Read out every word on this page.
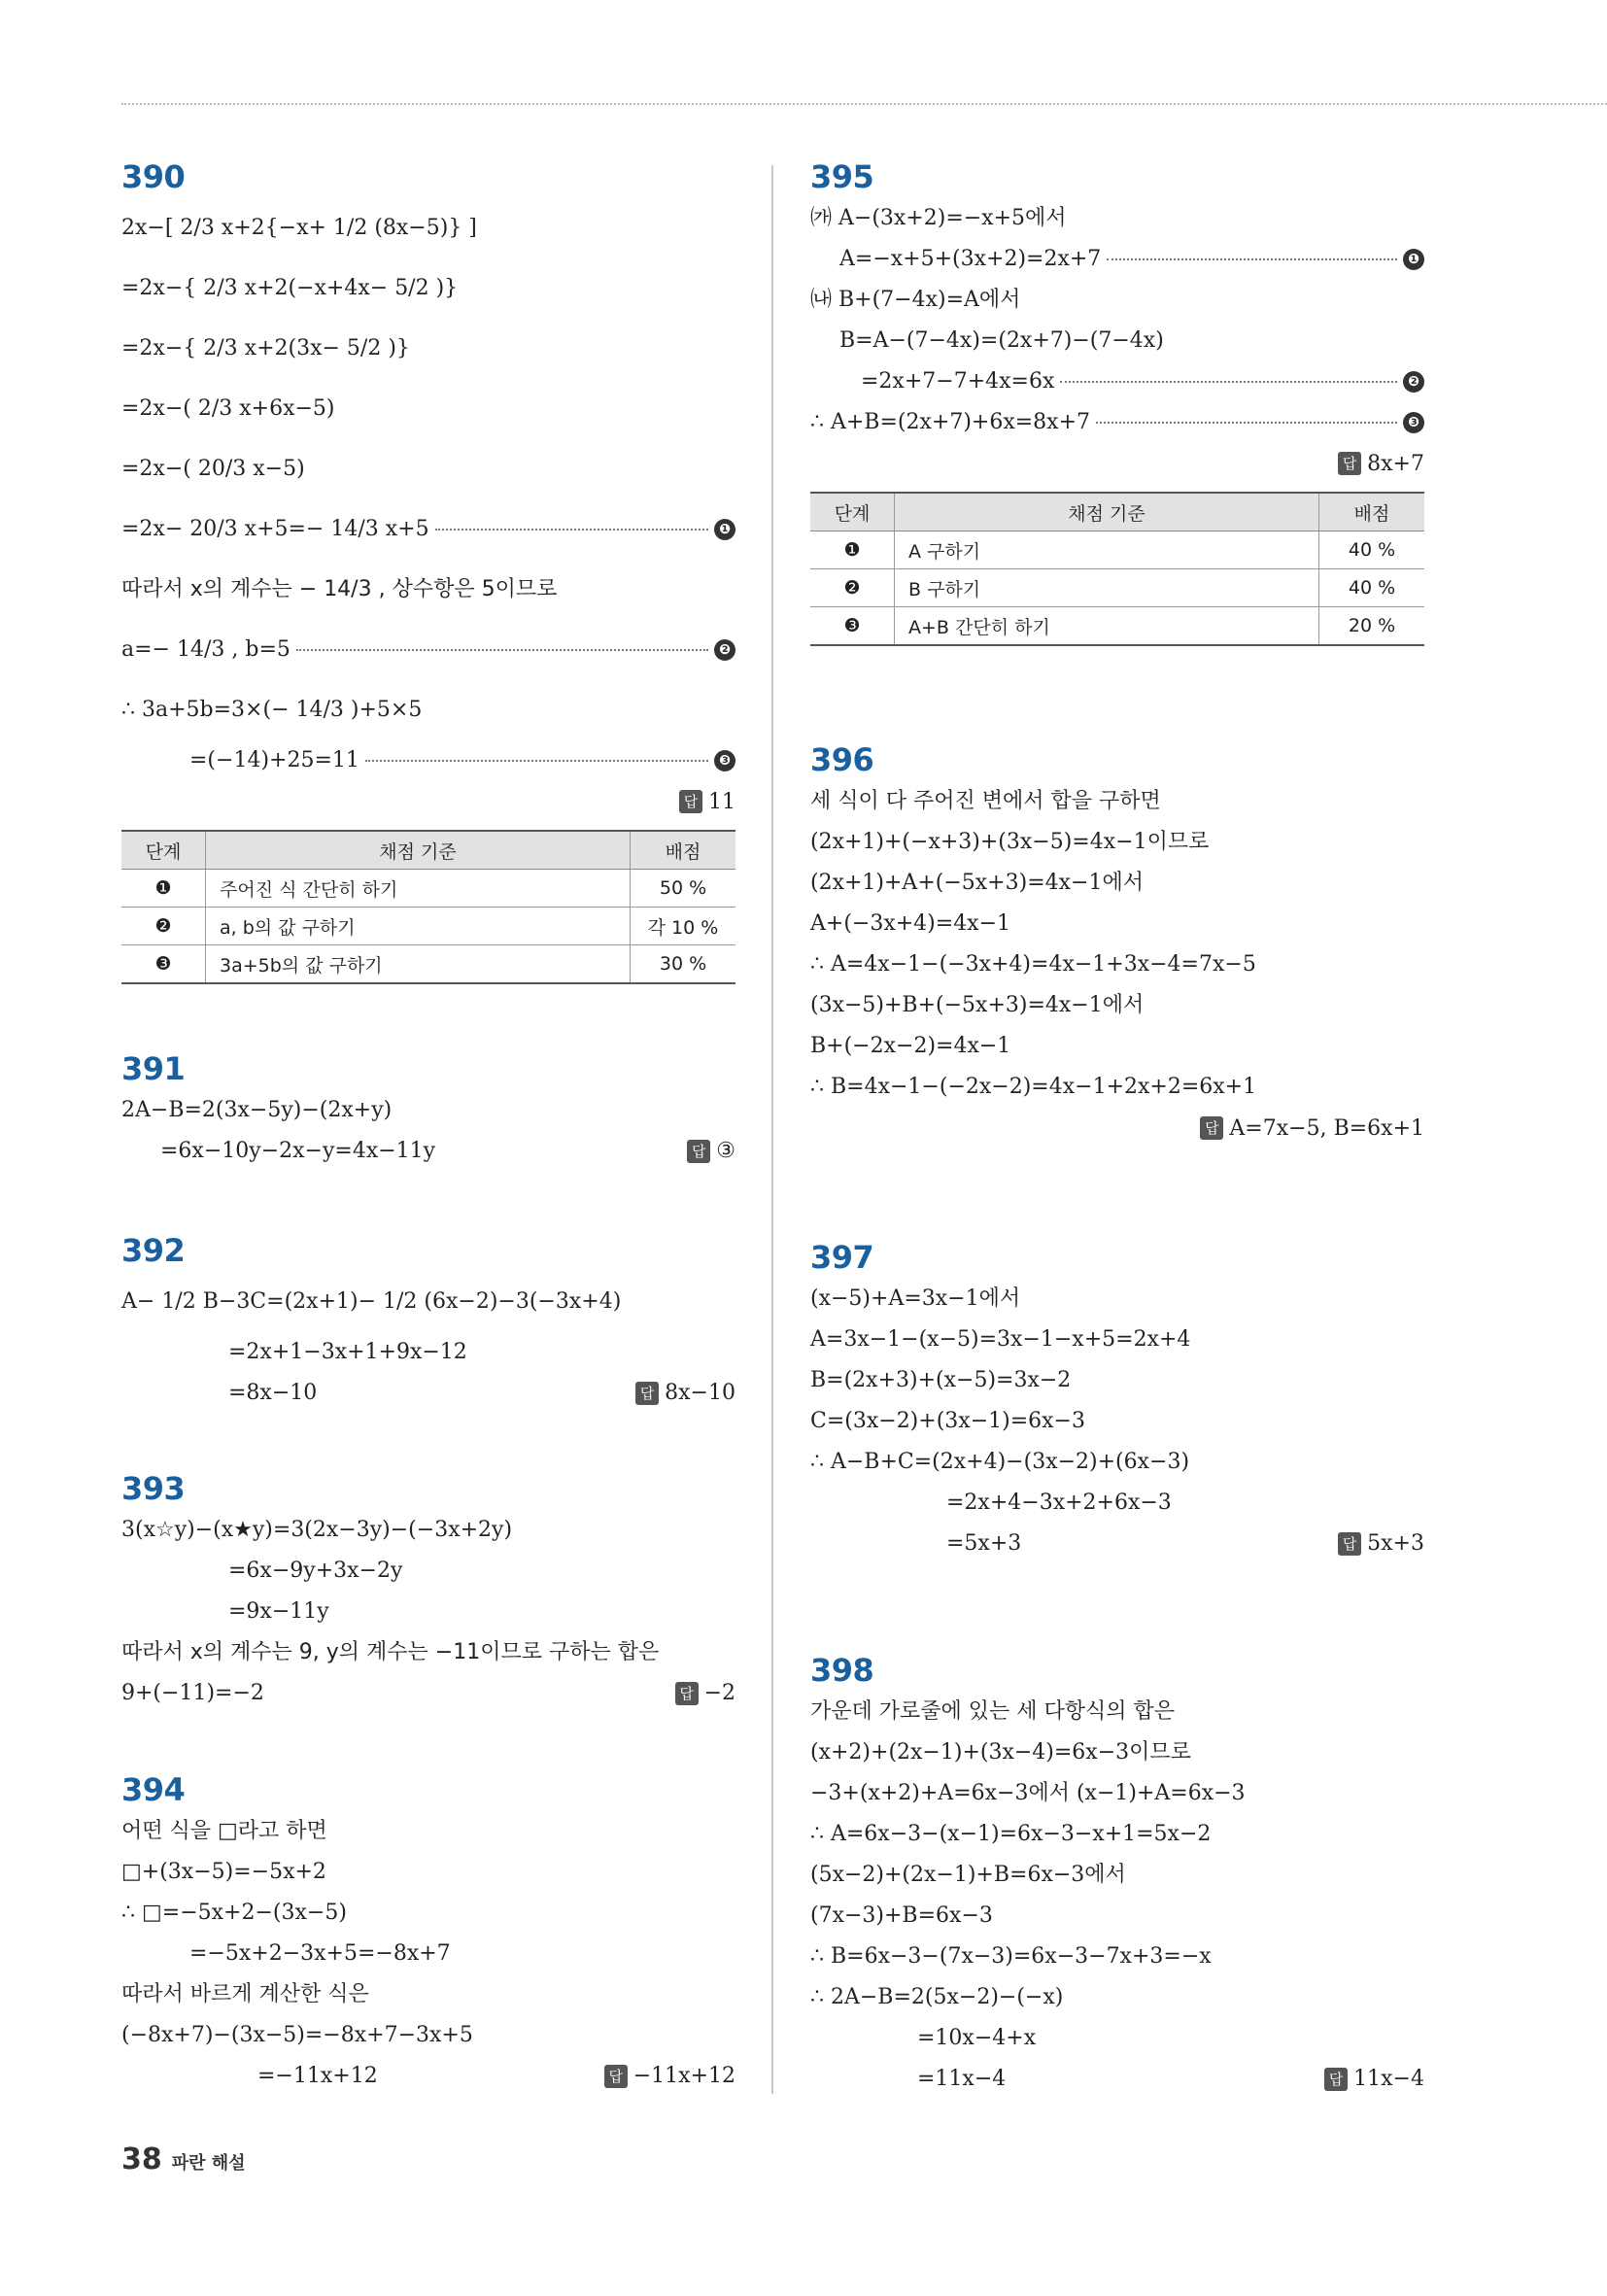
390
2x−[ 2/3 x+2{−x+ 1/2 (8x−5)} ]
=2x−{ 2/3 x+2(−x+4x− 5/2 )}
=2x−{ 2/3 x+2(3x− 5/2 )}
=2x−( 2/3 x+6x−5)
=2x−( 20/3 x−5)
=2x− 20/3 x+5=− 14/3 x+5	❶
따라서 x의 계수는 − 14/3 , 상수항은 5이므로
a=− 14/3 , b=5	❷
∴ 3a+5b=3×(− 14/3 )+5×5
=(−14)+25=11	❸
답 11
단계	채점 기준	배점
❶	주어진 식 간단히 하기	50 %
❷	a, b의 값 구하기	각 10 %
❸	3a+5b의 값 구하기	30 %
391
2A−B=2(3x−5y)−(2x+y)
=6x−10y−2x−y=4x−11y	답 ③
392
A− 1/2 B−3C=(2x+1)− 1/2 (6x−2)−3(−3x+4)
=2x+1−3x+1+9x−12
=8x−10	답 8x−10
393
3(x☆y)−(x★y)=3(2x−3y)−(−3x+2y)
=6x−9y+3x−2y
=9x−11y
따라서 x의 계수는 9, y의 계수는 −11이므로 구하는 합은
9+(−11)=−2	답 −2
394
어떤 식을 □라고 하면
□+(3x−5)=−5x+2
∴ □=−5x+2−(3x−5)
=−5x+2−3x+5=−8x+7
따라서 바르게 계산한 식은
(−8x+7)−(3x−5)=−8x+7−3x+5
=−11x+12	답 −11x+12
395
㈎ A−(3x+2)=−x+5에서
A=−x+5+(3x+2)=2x+7	❶
㈏ B+(7−4x)=A에서
B=A−(7−4x)=(2x+7)−(7−4x)
=2x+7−7+4x=6x	❷
∴ A+B=(2x+7)+6x=8x+7	❸
답 8x+7
단계	채점 기준	배점
❶	A 구하기	40 %
❷	B 구하기	40 %
❸	A+B 간단히 하기	20 %
396
세 식이 다 주어진 변에서 합을 구하면
(2x+1)+(−x+3)+(3x−5)=4x−1이므로
(2x+1)+A+(−5x+3)=4x−1에서
A+(−3x+4)=4x−1
∴ A=4x−1−(−3x+4)=4x−1+3x−4=7x−5
(3x−5)+B+(−5x+3)=4x−1에서
B+(−2x−2)=4x−1
∴ B=4x−1−(−2x−2)=4x−1+2x+2=6x+1
답 A=7x−5, B=6x+1
397
(x−5)+A=3x−1에서
A=3x−1−(x−5)=3x−1−x+5=2x+4
B=(2x+3)+(x−5)=3x−2
C=(3x−2)+(3x−1)=6x−3
∴ A−B+C=(2x+4)−(3x−2)+(6x−3)
=2x+4−3x+2+6x−3
=5x+3	답 5x+3
398
가운데 가로줄에 있는 세 다항식의 합은
(x+2)+(2x−1)+(3x−4)=6x−3이므로
−3+(x+2)+A=6x−3에서 (x−1)+A=6x−3
∴ A=6x−3−(x−1)=6x−3−x+1=5x−2
(5x−2)+(2x−1)+B=6x−3에서
(7x−3)+B=6x−3
∴ B=6x−3−(7x−3)=6x−3−7x+3=−x
∴ 2A−B=2(5x−2)−(−x)
=10x−4+x
=11x−4	답 11x−4
38 파란 해설
